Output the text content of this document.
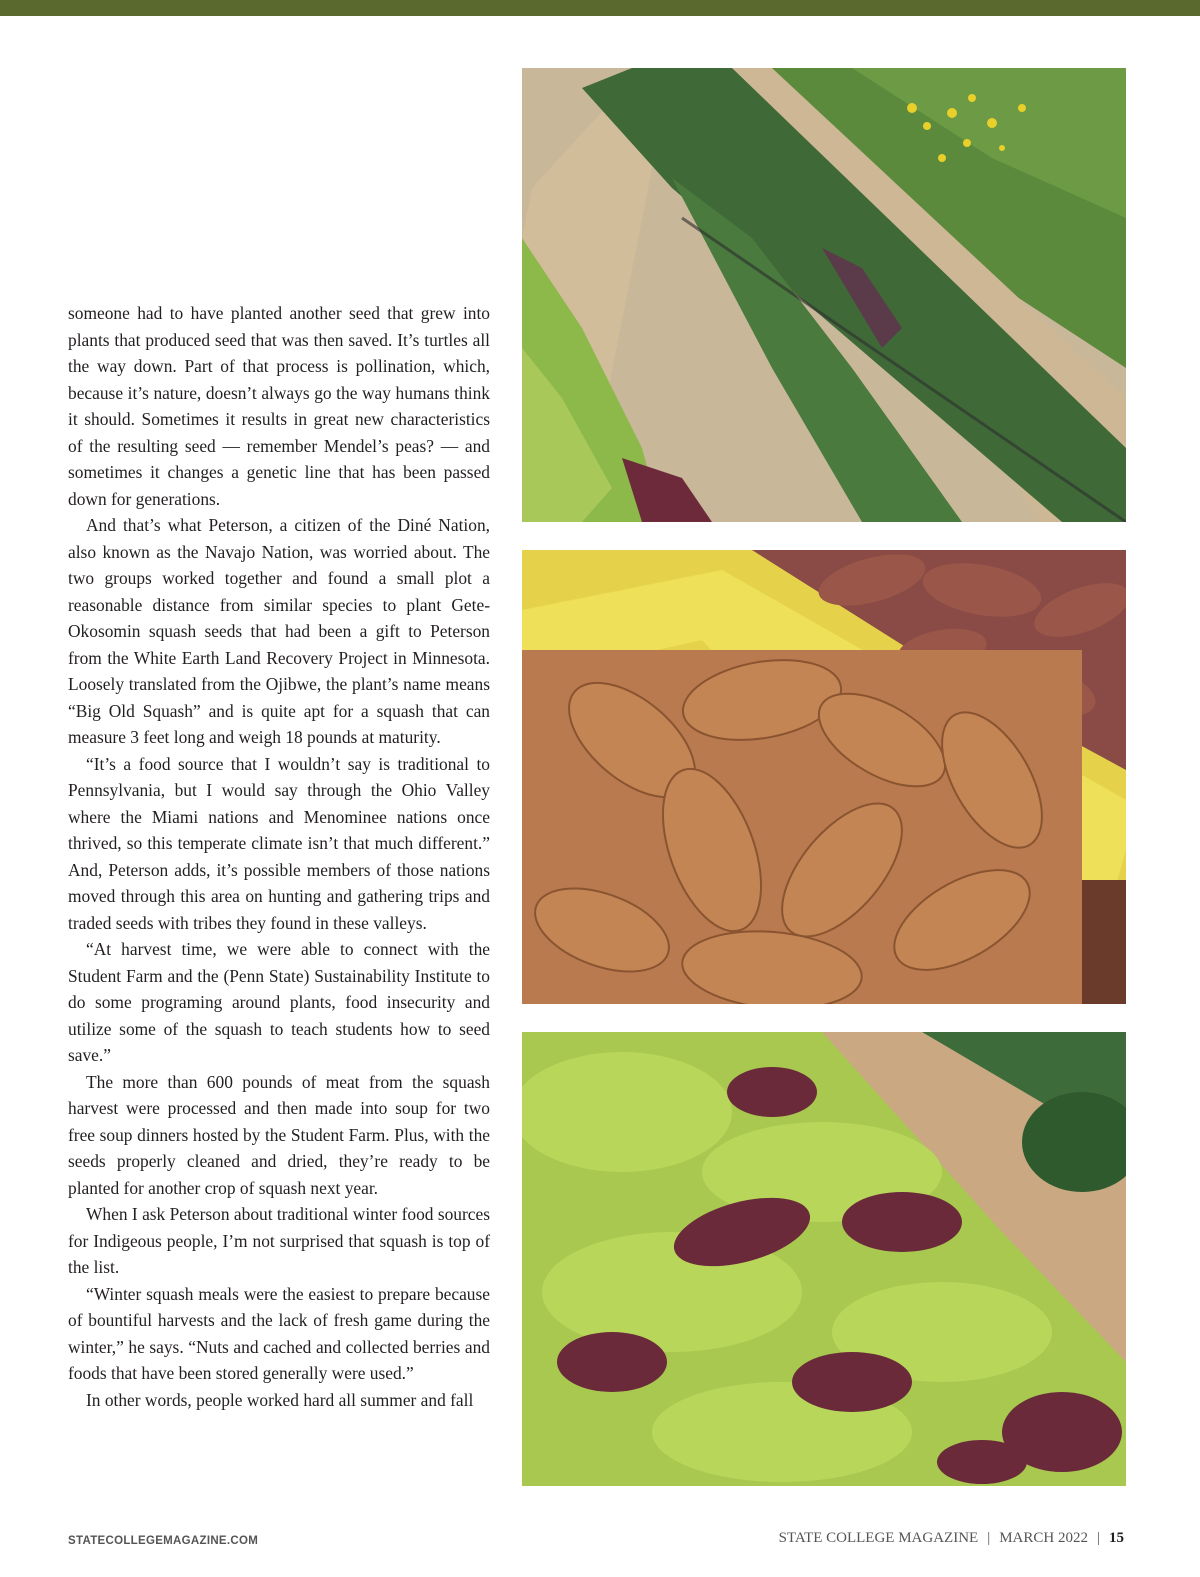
someone had to have planted another seed that grew into plants that produced seed that was then saved. It’s turtles all the way down. Part of that process is pollination, which, because it’s nature, doesn’t always go the way humans think it should. Sometimes it results in great new characteristics of the resulting seed — remember Mendel’s peas? — and sometimes it changes a genetic line that has been passed down for generations.

And that’s what Peterson, a citizen of the Diné Nation, also known as the Navajo Nation, was worried about. The two groups worked together and found a small plot a reasonable distance from similar species to plant Gete-Okosomin squash seeds that had been a gift to Peterson from the White Earth Land Recovery Project in Minnesota. Loosely translated from the Ojibwe, the plant’s name means “Big Old Squash” and is quite apt for a squash that can measure 3 feet long and weigh 18 pounds at maturity.

“It’s a food source that I wouldn’t say is traditional to Pennsylvania, but I would say through the Ohio Valley where the Miami nations and Menominee nations once thrived, so this temperate climate isn’t that much different.” And, Peterson adds, it’s possible members of those nations moved through this area on hunting and gathering trips and traded seeds with tribes they found in these valleys.

“At harvest time, we were able to connect with the Student Farm and the (Penn State) Sustainability Institute to do some programing around plants, food insecurity and utilize some of the squash to teach students how to seed save.”

The more than 600 pounds of meat from the squash harvest were processed and then made into soup for two free soup dinners hosted by the Student Farm. Plus, with the seeds properly cleaned and dried, they’re ready to be planted for another crop of squash next year.

When I ask Peterson about traditional winter food sources for Indigeous people, I’m not surprised that squash is top of the list.

“Winter squash meals were the easiest to prepare because of bountiful harvests and the lack of fresh game during the winter,” he says. “Nuts and cached and collected berries and foods that have been stored generally were used.”

In other words, people worked hard all summer and fall

STATECOLLEGEMAGAZINE.COM	STATE COLLEGE MAGAZINE | MARCH 2022 | 15
